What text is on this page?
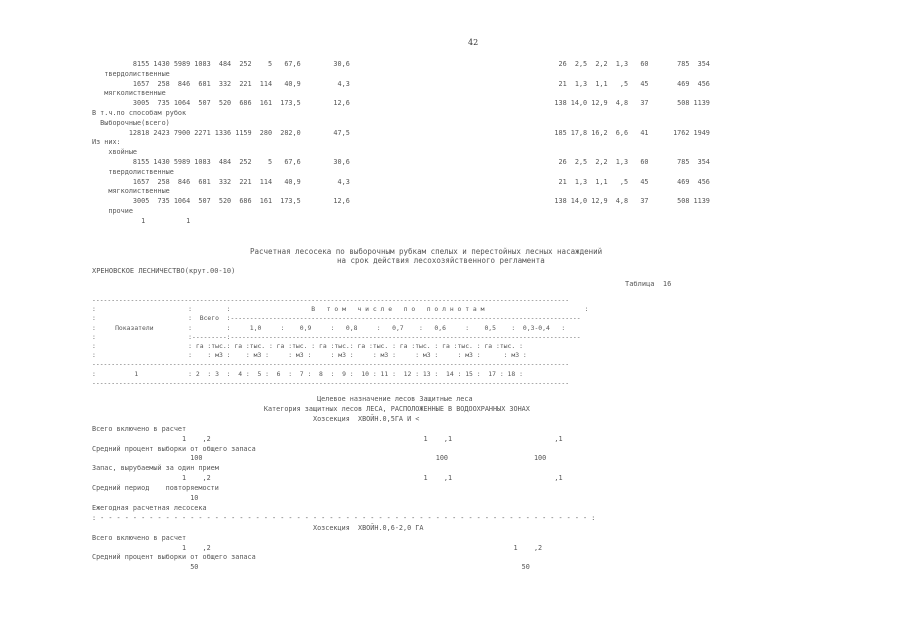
42
8155 1430 5989 1083  484  252    5   67,6        30,6                                                   26  2,5  2,2  1,3   60       785  354
твердолиственные
1657  258  846  681  332  221  114   40,9         4,3                                                   21  1,3  1,1   ,5   45       469  456
мягколиственные
3005  735 1064  507  520  686  161  173,5        12,6                                                  138 14,0 12,9  4,8   37       508 1139
В т.ч.по способам рубок
Выборочные(всего)
12818 2423 7900 2271 1336 1159  280  282,0        47,5                                                  185 17,8 16,2  6,6   41      1762 1949
Из них:
хвойные
8155 1430 5989 1083  484  252    5   67,6        30,6                                                   26  2,5  2,2  1,3   60       785  354
твердолиственные
1657  258  846  681  332  221  114   40,9         4,3                                                   21  1,3  1,1   ,5   45       469  456
мягколиственные
3005  735 1064  507  520  686  161  173,5        12,6                                                  138 14,0 12,9  4,8   37       508 1139
прочие
1          1
Расчетная лесосека по выборочным рубкам спелых и перестойных лесных насаждений
на срок действия лесохозяйственного регламента
ХРЕНОВСКОЕ ЛЕСНИЧЕСТВО(крут.00-10)
Таблица  16
----------------------------------------------------------------------------------------------------------------------------
:                        :         :                     В   т о м   ч и с л е   п о   п о л н о т а м                          :
:                        :  Всего  :-------------------------------------------------------------------------------------------
:     Показатели         :         :     1,0     :    0,9     :   0,8     :   0,7    :   0,6     :    0,5    :  0,3-0,4   :
:                        :---------:-------------------------------------------------------------------------------------------
:                        : га :тыс.: га :тыс. : га :тыс. : га :тыс.: га :тыс. : га :тыс. : га :тыс. : га :тыс. :
:                        :    : м3 :    : м3 :     : м3 :     : м3 :     : м3 :     : м3 :     : м3 :      : м3 :
----------------------------------------------------------------------------------------------------------------------------
:          1             : 2  : 3  :  4 :  5 :  6  :  7 :  8  :  9 :  10 : 11 :  12 : 13 :  14 : 15 :  17 : 18 :
----------------------------------------------------------------------------------------------------------------------------
Целевое назначение лесов Защитные леса
Категория защитных лесов ЛЕСА, РАСПОЛОЖЕННЫЕ В ВОДООХРАННЫХ ЗОНАХ
Хозсекция  ХВОЙН.0,5ГА И <
Всего включено в расчет
1    ,2                                                    1    ,1                         ,1
Средний процент выборки от общего запаса
100                                                         100                     100
Запас, вырубаемый за один прием
1    ,2                                                    1    ,1                         ,1
Средний период    повторяемости
10
Ежегодная расчетная лесосека
: - - - - - - - - - - - - - - - - - - - - - - - - - - - - - - - - - - - - - - - - - - - - - - - - - - - - - - - - - - - - :
Хозсекция  ХВОЙН.0,6-2,0 ГА
Всего включено в расчет
1    ,2                                                                          1    ,2
Средний процент выборки от общего запаса
50                                                                               50
